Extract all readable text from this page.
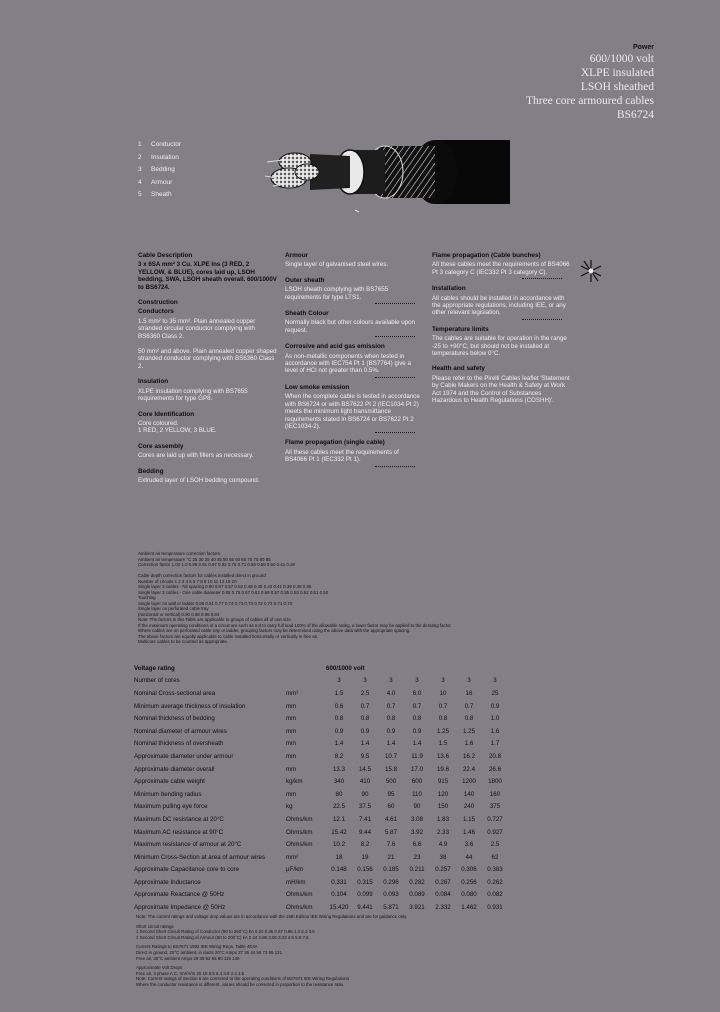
Power
600/1000 volt
XLPE insulated
LSOH sheathed
Three core armoured cables
BS6724
1 Conductor
2 Insulation
3 Bedding
4 Armour
5 Sheath
Cable Description
3 x 6SA mm² 3 Cu. XLPE Ins (3 RED, 2 YELLOW, & BLUE), cores laid up, LSOH bedding, SWA, LSOH sheath overall. 600/1000V to BS6724.
Construction
Conductors
1.5 mm² to 35 mm². Plain annealed copper stranded circular conductor complying with BS6360 Class 2.
50 mm² and above. Plain annealed copper shaped stranded conductor complying with BS6360 Class 2.
Insulation
XLPE insulation complying with BS7655 requirements for type GP8.
Core Identification
Core coloured.
1 RED, 2 YELLOW, 3 BLUE.
Core assembly
Cores are laid up with fillers as necessary.
Bedding
Extruded layer of LSOH bedding compound.
Armour
Single layer of galvanised steel wires.
Outer sheath
LSOH sheath complying with BS7655 requirements for type LTS1.
Sheath Colour
Normally black but other colours available upon request.
Corrosive and acid gas emission
As non-metallic components when tested in accordance with IEC754 Pt 1 (BS7764) give a level of HCl not greater than 0.5%.
Low smoke emission
When the complete cable is tested in accordance with BS6724 or with BS7622 Pt 2 (IEC1034 Pt 2) meets the minimum light transmittance requirements stated in BS6724 or BS7622 Pt 2 (IEC1034-2).
Flame propagation (single cable)
All these cables meet the requirements of BS4066 Pt 1 (IEC332 Pt 1).
Flame propagation (Cable bunches)
All these cables meet the requirements of BS4066 Pt 3 category C (IEC332 Pt 3 category C).
Installation
All cables should be installed in accordance with the appropriate regulations, including IEE, or any other relevant legislation.
Temperature limits
The cables are suitable for operation in the range -25 to +90°C, but should not be installed at temperatures below 0°C.
Health and safety
Please refer to the Pirelli Cables leaflet 'Statement by Cable Makers on the Health & Safety at Work Act 1974 and the Control of Substances Hazardous to Health Regulations (COSHH)'.
Ambient air temperature correction factors
Ambient air temperature °C 25 30 35 40 45 50 55 60 65 70 75 80 85
Correction factor 1.02 1.0 0.96 0.91 0.87 0.82 0.76 0.71 0.65 0.58 0.50 0.41 0.29
Cable depth correction factors for cables installed direct in ground
Number of circuits 1 2 3 4 5 6 7 8 9 10 11 12 15 20
Single layer 3 cables - Nil spacing 0.80 0.67 0.57 0.52 0.48 0.45 0.43 0.41 0.39 0.38 0.36
Single layer 3 cables - One cable diameter 0.85 0.75 0.67 0.62 0.59 0.57 0.55 0.53 0.52 0.51 0.50
Touching
Single layer on wall or ladder 0.86 0.81 0.77 0.74 0.73 0.73 0.72 0.72 0.71 0.70
Single layer on perforated cable tray
(horizontal or vertical) 0.90 0.88 0.85 0.84
Note: The factors in this Table are applicable to groups of cables all of one size.
If the maximum operating conditions of a circuit are such as not to carry full load 100% of the allowable rating, a lower factor may be applied to the derating factor.
Where cables are on perforated cable tray or ladder, grouping factors may be determined using the above data with the appropriate spacing.
The above factors are equally applicable to cable installed horizontally or vertically in free air.
Multicore cables to be counted as appropriate.
Voltage rating		600/1000 volt						
Number of cores		3	3	3	3	3	3	3
Nominal Cross-sectional area	mm²	1.5	2.5	4.0	6.0	10	16	25
Minimum average thickness of insulation	mm	0.6	0.7	0.7	0.7	0.7	0.7	0.9
Nominal thickness of bedding	mm	0.8	0.8	0.8	0.8	0.8	0.8	1.0
Nominal diameter of armour wires	mm	0.9	0.9	0.9	0.9	1.25	1.25	1.6
Nominal thickness of oversheath	mm	1.4	1.4	1.4	1.4	1.5	1.6	1.7
Approximate diameter under armour	mm	8.2	9.5	10.7	11.9	13.6	16.2	20.8
Approximate diameter overall	mm	13.3	14.5	15.8	17.0	19.6	22.4	26.6
Approximate cable weight	kg/km	340	410	500	600	915	1200	1800
Minimum bending radius	mm	80	90	95	110	120	140	160
Maximum pulling eye force	kg	22.5	37.5	60	90	150	240	375
Maximum DC resistance at 20°C	Ohms/km	12.1	7.41	4.61	3.08	1.83	1.15	0.727
Maximum AC resistance at 90°C	Ohms/km	15.42	9.44	5.87	3.92	2.33	1.46	0.927
Maximum resistance of armour at 20°C	Ohms/km	10.2	8.2	7.6	6.6	4.9	3.6	2.5
Minimum Cross-Section at area of armour wires	mm²	18	19	21	23	38	44	62
Approximate Capacitance core to core	µF/km	0.148	0.156	0.185	0.211	0.257	0.306	0.383
Approximate Inductance	mH/km	0.331	0.315	0.296	0.282	0.267	0.256	0.262
Approximate Reactance @ 50Hz	Ohms/km	0.104	0.099	0.093	0.089	0.084	0.080	0.082
Approximate Impedance @ 50Hz	Ohms/km	15.420	9.441	5.871	3.921	2.332	1.462	0.931
Note: The current ratings and voltage drop values are in accordance with the 16th Edition IEE Wiring Regulations and are for guidance only.
Short circuit ratings
1 Second Short Circuit Rating of Conductor (90 to 250°C) kA 0.22 0.36 0.57 0.86 1.4 2.2 3.6
1 Second Short Circuit Rating of Armour (80 to 200°C) kA 2.24 2.86 3.06 3.33 4.5 5.9 7.5
Current Ratings to BS7671:1992 IEE Wiring Regs. Table 4E4A
Direct in ground, 20°C ambient, in ducts 20°C Amps 27 36 44 56 73 95 121
Free air, 30°C ambient Amps 29 39 52 66 90 115 149
Approximate Volt Drops
Free air, 3 phase A.C. mV/A/m 25 15 9.5 6.4 3.8 2.4 1.5
Note: Current ratings of Section 6 are corrected to the operating conditions of BS7671 IEE Wiring Regulations
Where the conductor resistance is different, values should be corrected in proportion to the resistance ratio.
